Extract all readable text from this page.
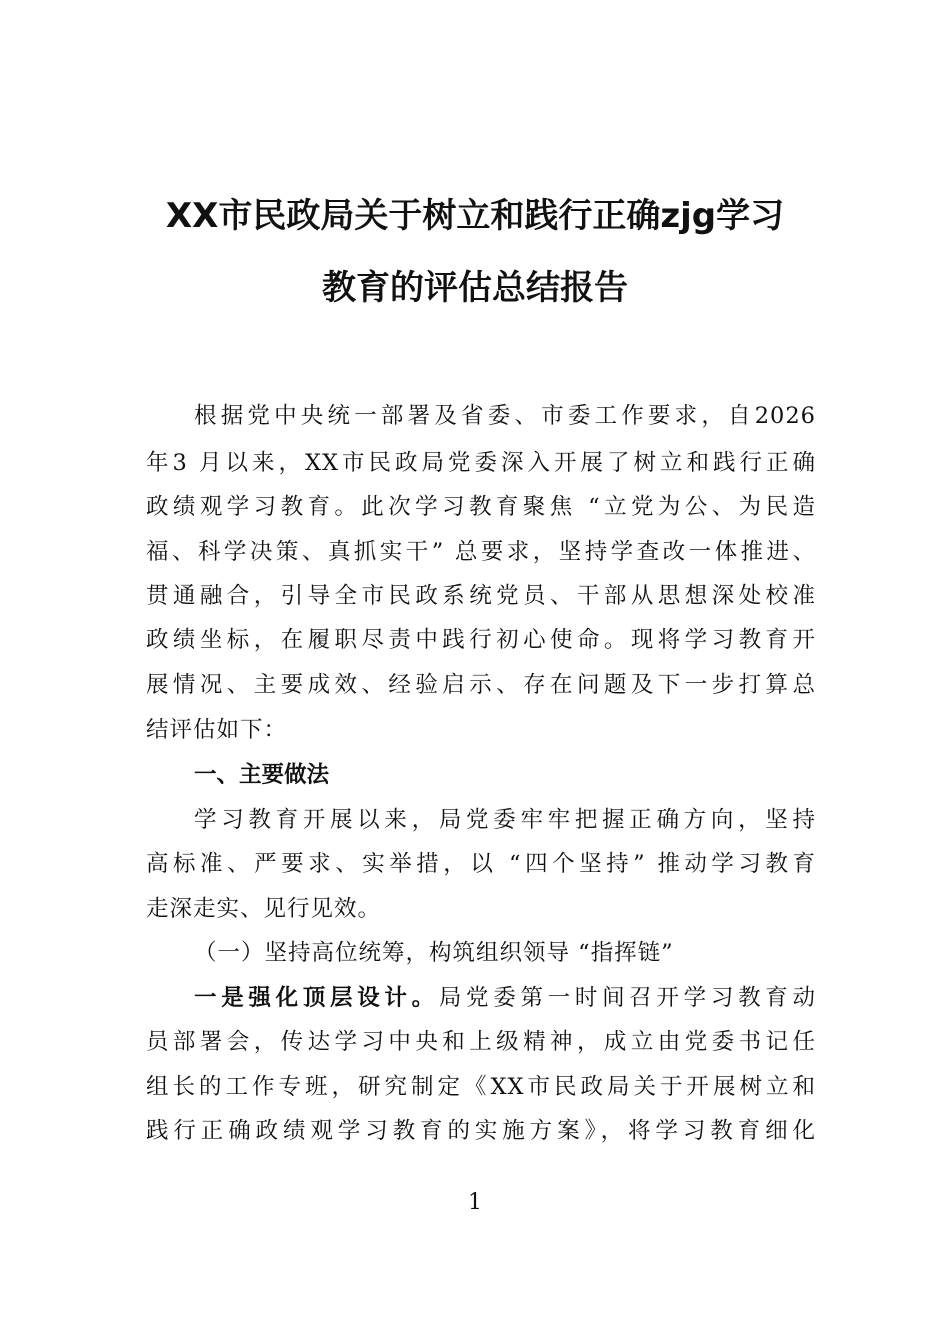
XX市民政局关于树立和践行正确zjg学习
教育的评估总结报告
根据党中央统一部署及省委、市委工作要求，自2026
年3 月以来，XX市民政局党委深入开展了树立和践行正确
政绩观学习教育。此次学习教育聚焦 “立党为公、为民造
福、科学决策、真抓实干” 总要求，坚持学查改一体推进、
贯通融合，引导全市民政系统党员、干部从思想深处校准
政绩坐标，在履职尽责中践行初心使命。现将学习教育开
展情况、主要成效、经验启示、存在问题及下一步打算总
结评估如下：
一、主要做法
学习教育开展以来，局党委牢牢把握正确方向，坚持
高标准、严要求、实举措，以 “四个坚持” 推动学习教育
走深走实、见行见效。
（一）坚持高位统筹，构筑组织领导 “指挥链”
一是强化顶层设计。局党委第一时间召开学习教育动
员部署会，传达学习中央和上级精神，成立由党委书记任
组长的工作专班，研究制定《XX市民政局关于开展树立和
践行正确政绩观学习教育的实施方案》，将学习教育细化
1
